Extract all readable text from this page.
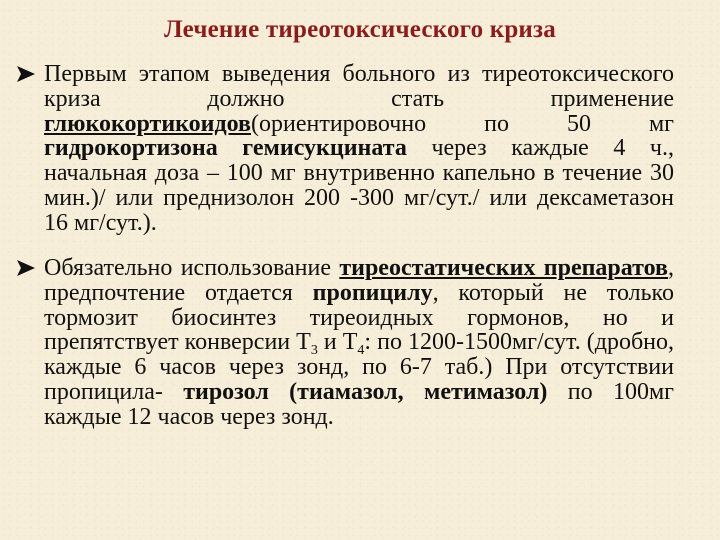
Лечение тиреотоксического криза
Первым этапом выведения больного из тиреотоксического криза должно стать применение глюкокортикоидов(ориентировочно по 50 мг гидрокортизона гемисукцината через каждые 4 ч., начальная доза – 100 мг внутривенно капельно в течение 30 мин.)/ или преднизолон 200 -300 мг/сут./ или дексаметазон 16 мг/сут.).
Обязательно использование тиреостатических препаратов, предпочтение отдается пропицилу, который не только тормозит биосинтез тиреоидных гормонов, но и препятствует конверсии $Т_3$ и $Т_4$: по 1200-1500мг/сут. (дробно, каждые 6 часов через зонд, по 6-7 таб.) При отсутствии пропицила- тирозол (тиамазол, метимазол) по 100мг каждые 12 часов через зонд.
